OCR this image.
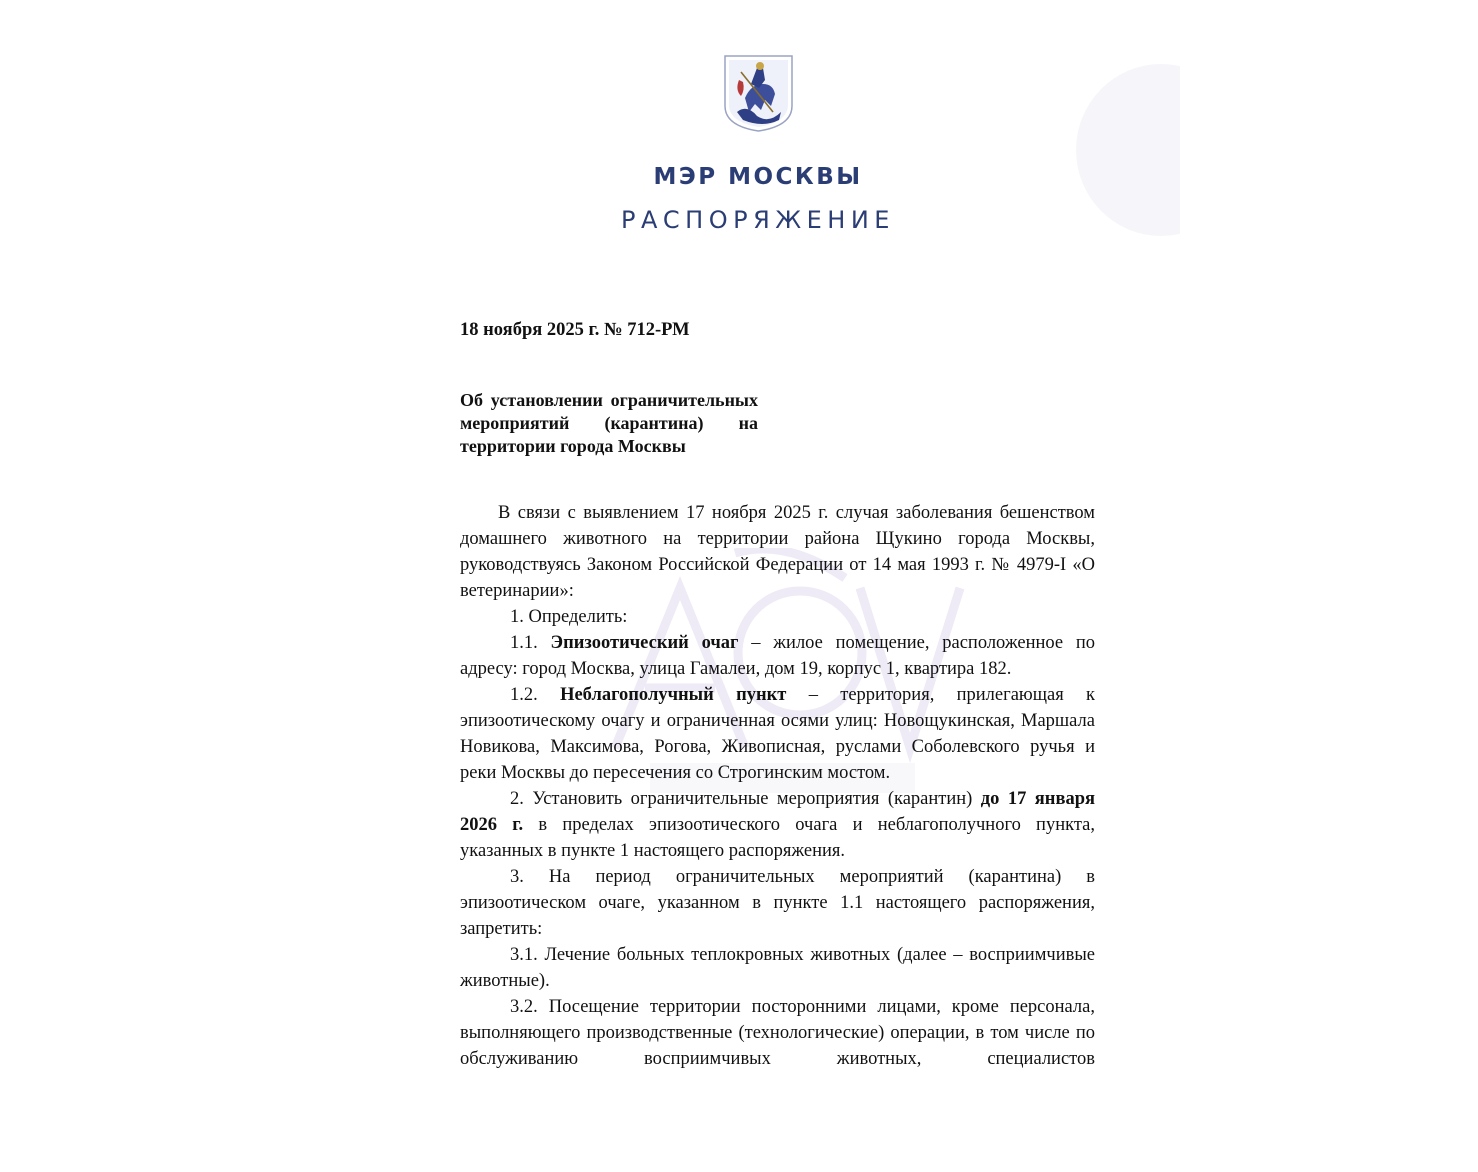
МЭР МОСКВЫ

РАСПОРЯЖЕНИЕ

18 ноября 2025 г. № 712-РМ

Об установлении ограничительных
мероприятий (карантина) на
территории города Москвы

В связи с выявлением 17 ноября 2025 г. случая заболевания бешенством домашнего животного на территории района Щукино города Москвы, руководствуясь Законом Российской Федерации от 14 мая 1993 г. № 4979-I «О ветеринарии»:

1. Определить:

1.1. Эпизоотический очаг – жилое помещение, расположенное по адресу: город Москва, улица Гамалеи, дом 19, корпус 1, квартира 182.

1.2. Неблагополучный пункт – территория, прилегающая к эпизоотическому очагу и ограниченная осями улиц: Новощукинская, Маршала Новикова, Максимова, Рогова, Живописная, руслами Соболевского ручья и реки Москвы до пересечения со Строгинским мостом.

2. Установить ограничительные мероприятия (карантин) до 17 января 2026 г. в пределах эпизоотического очага и неблагополучного пункта, указанных в пункте 1 настоящего распоряжения.

3. На период ограничительных мероприятий (карантина) в эпизоотическом очаге, указанном в пункте 1.1 настоящего распоряжения, запретить:

3.1. Лечение больных теплокровных животных (далее – восприимчивые животные).

3.2. Посещение территории посторонними лицами, кроме персонала, выполняющего производственные (технологические) операции, в том числе по обслуживанию восприимчивых животных, специалистов
